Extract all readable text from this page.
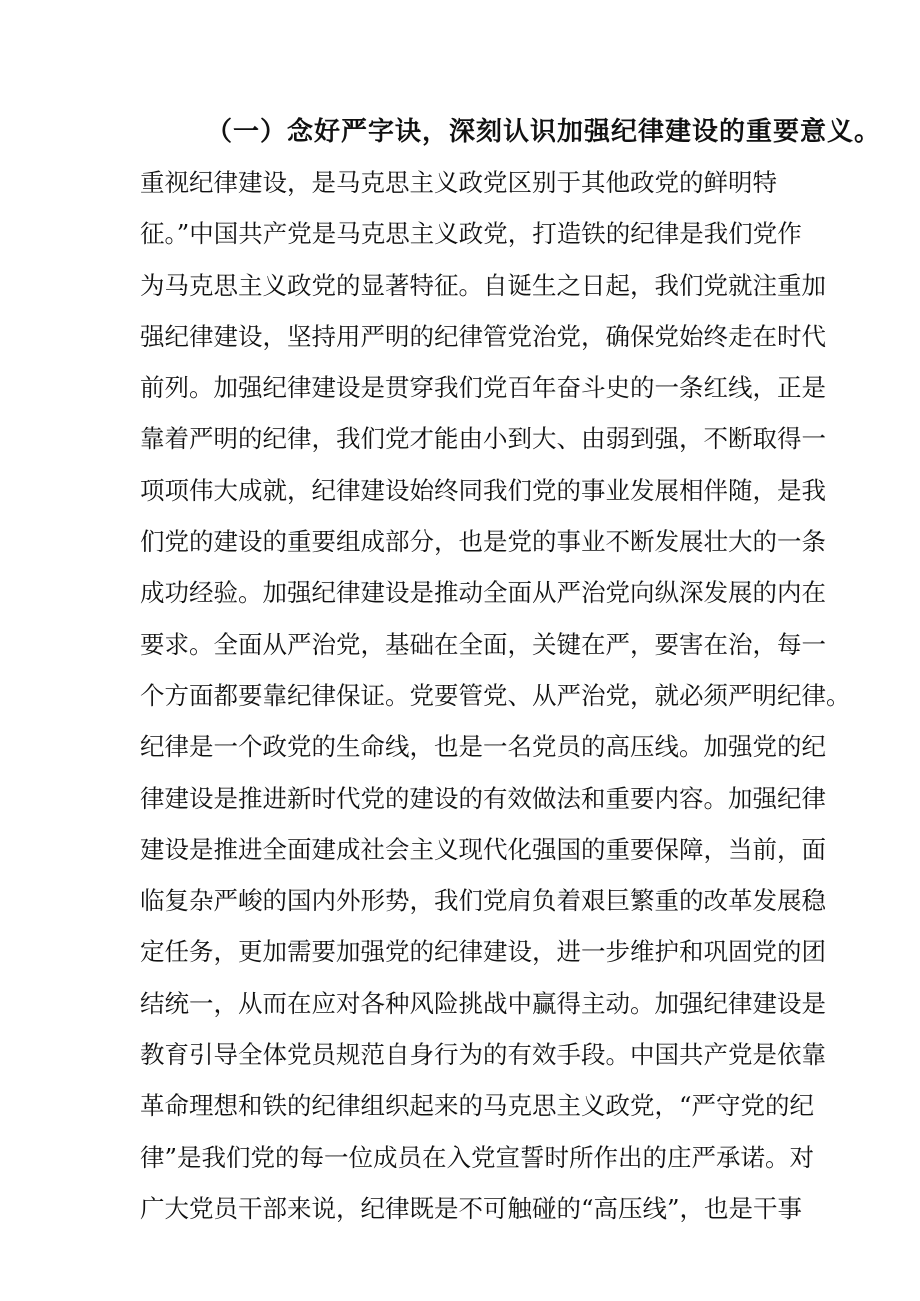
（一）念好严字诀，深刻认识加强纪律建设的重要意义。
重视纪律建设，是马克思主义政党区别于其他政党的鲜明特
征。”中国共产党是马克思主义政党，打造铁的纪律是我们党作
为马克思主义政党的显著特征。自诞生之日起，我们党就注重加
强纪律建设，坚持用严明的纪律管党治党，确保党始终走在时代
前列。加强纪律建设是贯穿我们党百年奋斗史的一条红线，正是
靠着严明的纪律，我们党才能由小到大、由弱到强，不断取得一
项项伟大成就，纪律建设始终同我们党的事业发展相伴随，是我
们党的建设的重要组成部分，也是党的事业不断发展壮大的一条
成功经验。加强纪律建设是推动全面从严治党向纵深发展的内在
要求。全面从严治党，基础在全面，关键在严，要害在治，每一
个方面都要靠纪律保证。党要管党、从严治党，就必须严明纪律。
纪律是一个政党的生命线，也是一名党员的高压线。加强党的纪
律建设是推进新时代党的建设的有效做法和重要内容。加强纪律
建设是推进全面建成社会主义现代化强国的重要保障，当前，面
临复杂严峻的国内外形势，我们党肩负着艰巨繁重的改革发展稳
定任务，更加需要加强党的纪律建设，进一步维护和巩固党的团
结统一，从而在应对各种风险挑战中赢得主动。加强纪律建设是
教育引导全体党员规范自身行为的有效手段。中国共产党是依靠
革命理想和铁的纪律组织起来的马克思主义政党，“严守党的纪
律”是我们党的每一位成员在入党宣誓时所作出的庄严承诺。对
广大党员干部来说，纪律既是不可触碰的“高压线”，也是干事
